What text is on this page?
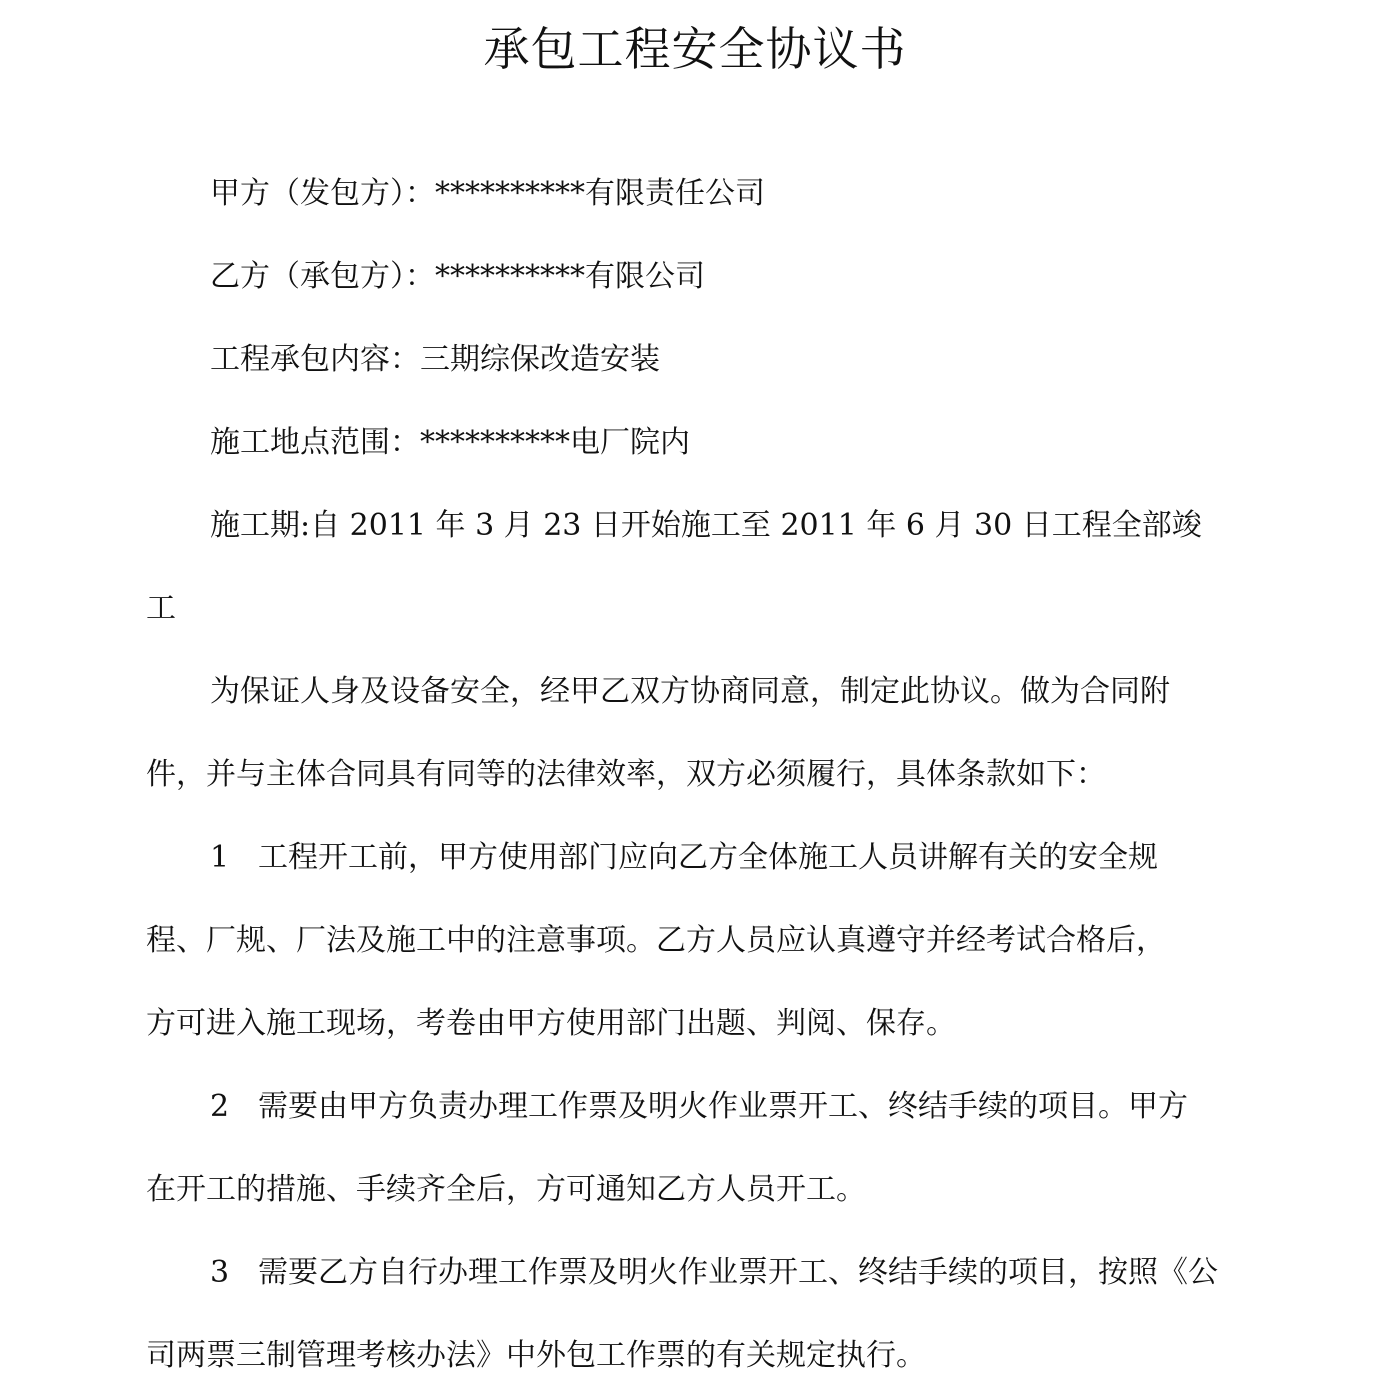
承包工程安全协议书
甲方（发包方）：**********有限责任公司
乙方（承包方）：**********有限公司
工程承包内容：三期综保改造安装
施工地点范围：**********电厂院内
施工期:自 2011 年 3 月 23 日开始施工至 2011 年 6 月 30 日工程全部竣
工
为保证人身及设备安全，经甲乙双方协商同意，制定此协议。做为合同附
件，并与主体合同具有同等的法律效率，双方必须履行，具体条款如下：
1 工程开工前，甲方使用部门应向乙方全体施工人员讲解有关的安全规
程、厂规、厂法及施工中的注意事项。乙方人员应认真遵守并经考试合格后，
方可进入施工现场，考卷由甲方使用部门出题、判阅、保存。
2 需要由甲方负责办理工作票及明火作业票开工、终结手续的项目。甲方
在开工的措施、手续齐全后，方可通知乙方人员开工。
3 需要乙方自行办理工作票及明火作业票开工、终结手续的项目，按照《公
司两票三制管理考核办法》中外包工作票的有关规定执行。
